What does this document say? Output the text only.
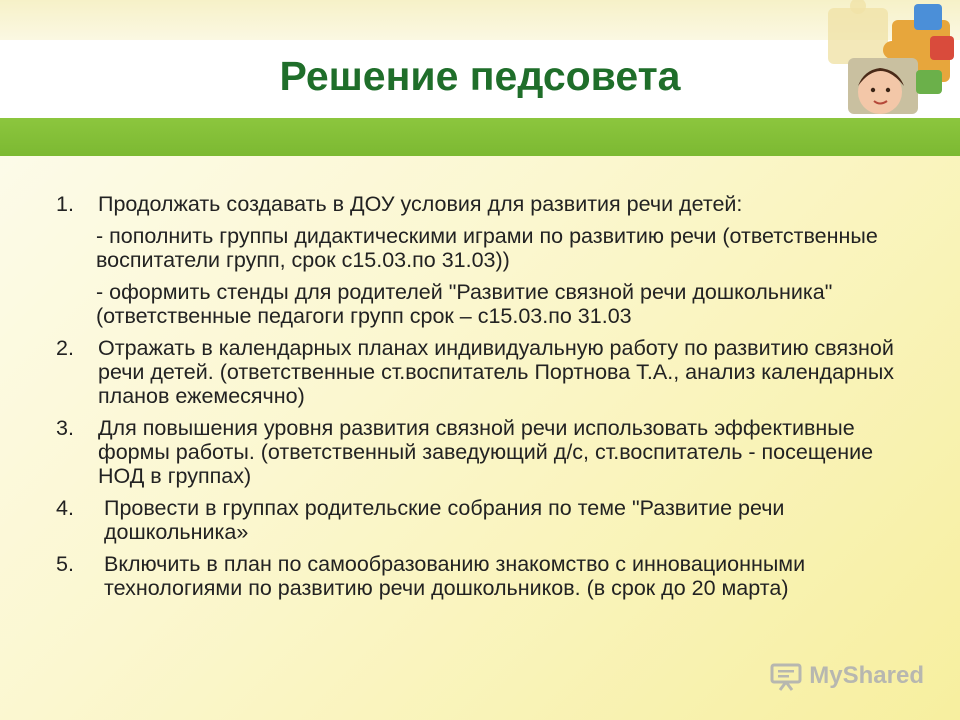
Решение педсовета
1. Продолжать создавать в ДОУ условия для развития речи детей:
- пополнить группы дидактическими играми по развитию речи (ответственные воспитатели групп, срок с15.03.по 31.03))
- оформить стенды для родителей "Развитие связной речи дошкольника" (ответственные педагоги групп срок – с15.03.по 31.03
2. Отражать в календарных планах индивидуальную работу по развитию связной речи детей. (ответственные ст.воспитатель Портнова Т.А., анализ календарных планов ежемесячно)
3. Для повышения уровня развития связной речи использовать эффективные формы работы. (ответственный заведующий д/с, ст.воспитатель - посещение НОД в группах)
4. Провести в группах родительские собрания по теме "Развитие речи дошкольника»
5. Включить в план по самообразованию знакомство с инновационными технологиями по развитию речи дошкольников. (в срок до 20 марта)
MyShared
